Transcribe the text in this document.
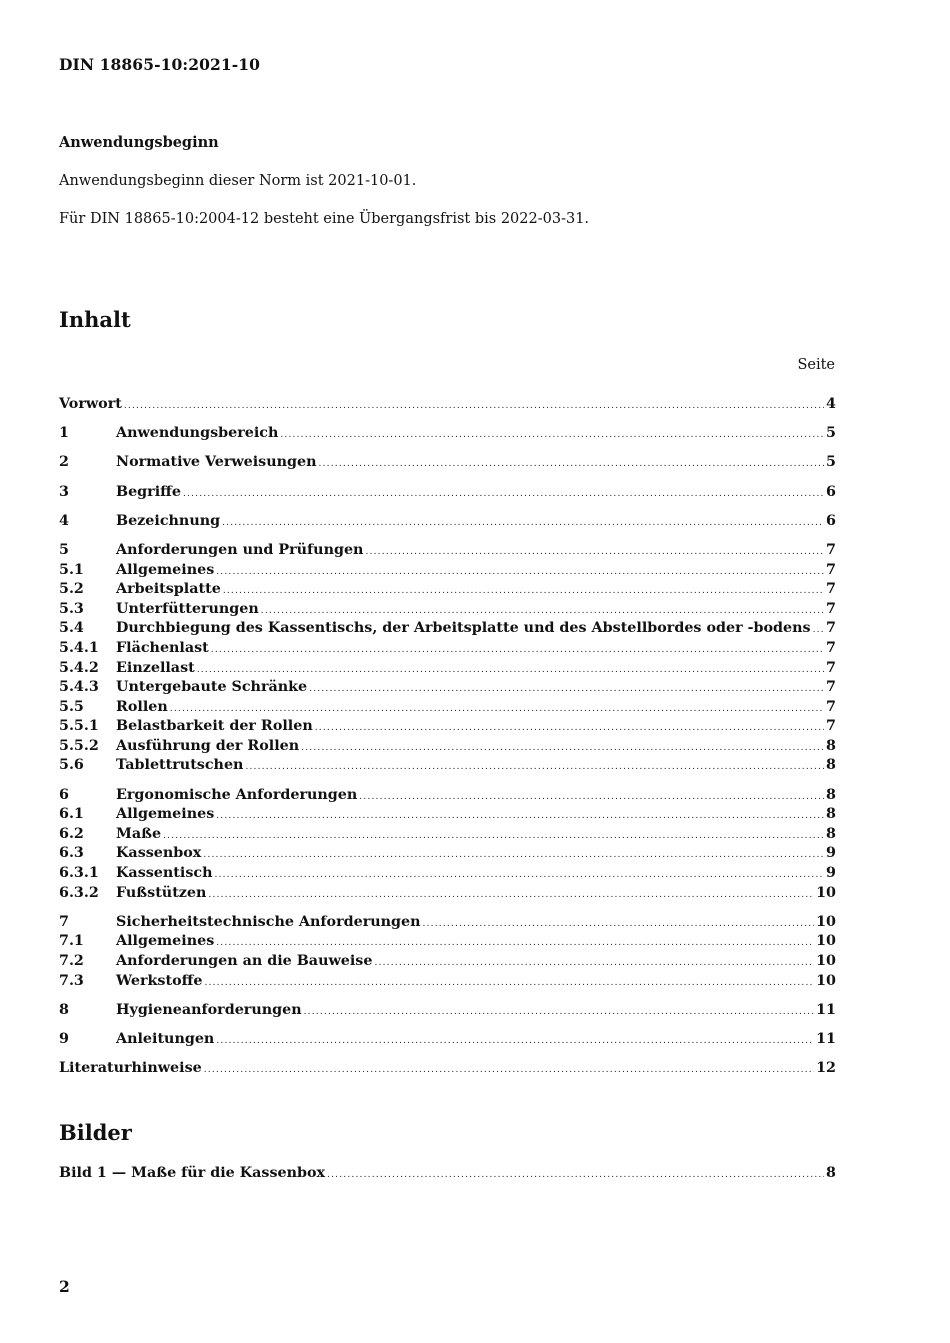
DIN 18865-10:2021-10
Anwendungsbeginn
Anwendungsbeginn dieser Norm ist 2021-10-01.
Für DIN 18865-10:2004-12 besteht eine Übergangsfrist bis 2022-03-31.
Inhalt
Seite
Vorwort .....	4
1	Anwendungsbereich .....	5
2	Normative Verweisungen .....	5
3	Begriffe .....	6
4	Bezeichnung .....	6
5	Anforderungen und Prüfungen .....	7
5.1	Allgemeines .....	7
5.2	Arbeitsplatte .....	7
5.3	Unterfütterungen .....	7
5.4	Durchbiegung des Kassentischs, der Arbeitsplatte und des Abstellbordes oder -bodens ..... 7
5.4.1	Flächenlast .....	7
5.4.2	Einzellast .....	7
5.4.3	Untergebaute Schränke .....	7
5.5	Rollen .....	7
5.5.1	Belastbarkeit der Rollen .....	7
5.5.2	Ausführung der Rollen .....	8
5.6	Tablettrutschen .....	8
6	Ergonomische Anforderungen .....	8
6.1	Allgemeines .....	8
6.2	Maße .....	8
6.3	Kassenbox .....	9
6.3.1	Kassentisch .....	9
6.3.2	Fußstützen .....	10
7	Sicherheitstechnische Anforderungen .....	10
7.1	Allgemeines .....	10
7.2	Anforderungen an die Bauweise .....	10
7.3	Werkstoffe .....	10
8	Hygieneanforderungen .....	11
9	Anleitungen .....	11
Literaturhinweise .....	12
Bilder
Bild 1 — Maße für die Kassenbox .....	8
2
